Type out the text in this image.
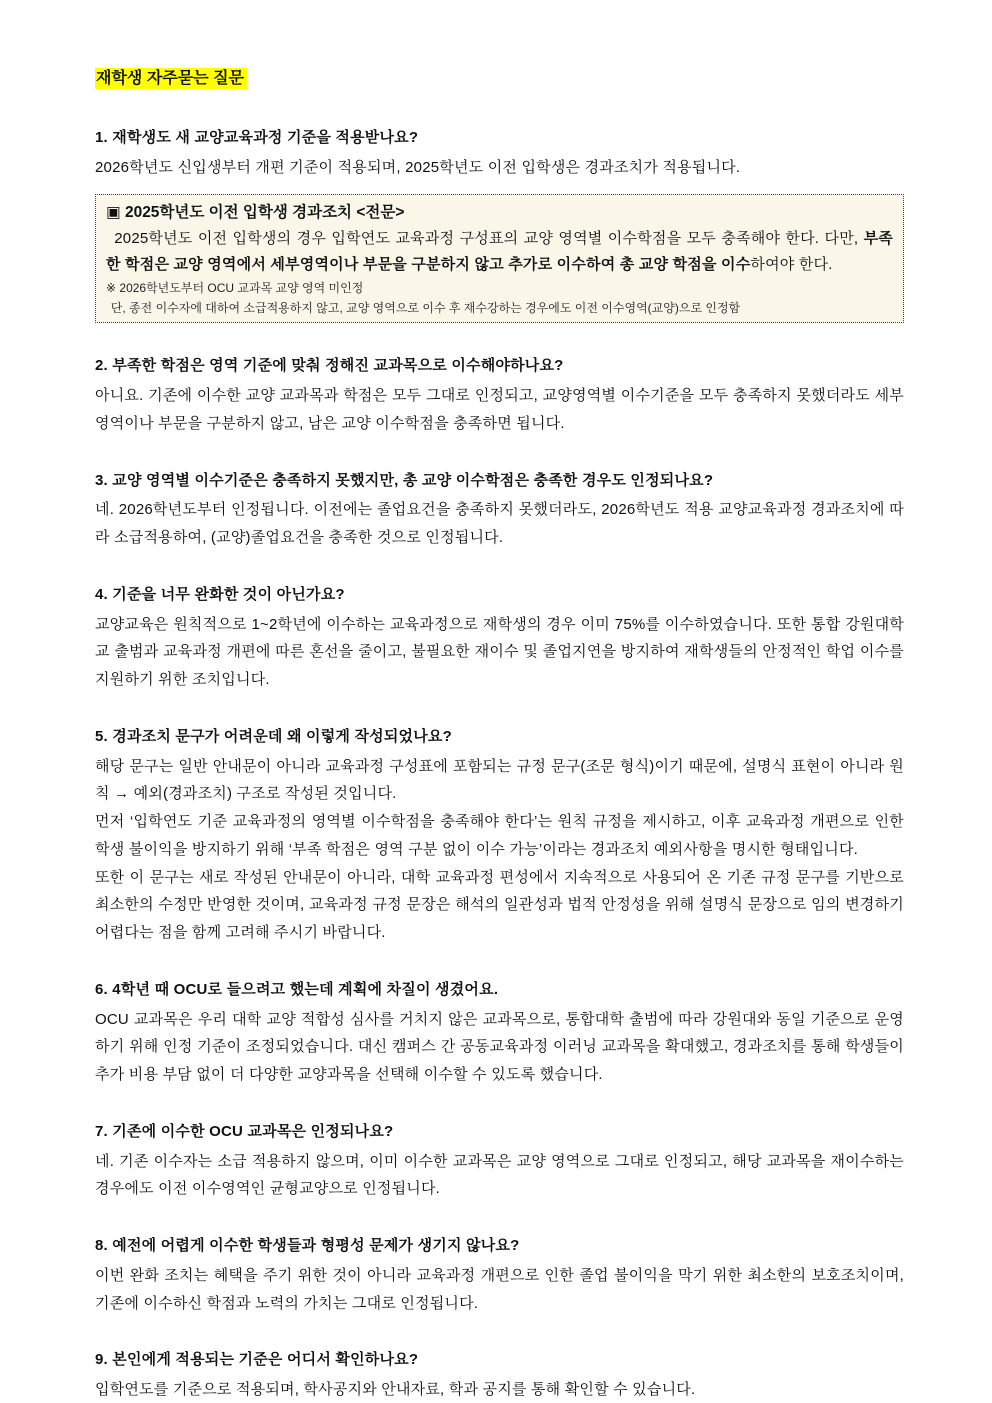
재학생 자주묻는 질문

1. 재학생도 새 교양교육과정 기준을 적용받나요?

2026학년도 신입생부터 개편 기준이 적용되며, 2025학년도 이전 입학생은 경과조치가 적용됩니다.

▣ 2025학년도 이전 입학생 경과조치 <전문>

2025학년도 이전 입학생의 경우 입학연도 교육과정 구성표의 교양 영역별 이수학점을 모두 충족해야 한다. 다만, 부족한 학점은 교양 영역에서 세부영역이나 부문을 구분하지 않고 추가로 이수하여 총 교양 학점을 이수하여야 한다.

※ 2026학년도부터 OCU 교과목 교양 영역 미인정

단, 종전 이수자에 대하여 소급적용하지 않고, 교양 영역으로 이수 후 재수강하는 경우에도 이전 이수영역(교양)으로 인정함

2. 부족한 학점은 영역 기준에 맞춰 정해진 교과목으로 이수해야하나요?

아니요. 기존에 이수한 교양 교과목과 학점은 모두 그대로 인정되고, 교양영역별 이수기준을 모두 충족하지 못했더라도 세부영역이나 부문을 구분하지 않고, 남은 교양 이수학점을 충족하면 됩니다.

3. 교양 영역별 이수기준은 충족하지 못했지만, 총 교양 이수학점은 충족한 경우도 인정되나요?

네. 2026학년도부터 인정됩니다. 이전에는 졸업요건을 충족하지 못했더라도, 2026학년도 적용 교양교육과정 경과조치에 따라 소급적용하여, (교양)졸업요건을 충족한 것으로 인정됩니다.

4. 기준을 너무 완화한 것이 아닌가요?

교양교육은 원칙적으로 1~2학년에 이수하는 교육과정으로 재학생의 경우 이미 75%를 이수하였습니다. 또한 통합 강원대학교 출범과 교육과정 개편에 따른 혼선을 줄이고, 불필요한 재이수 및 졸업지연을 방지하여 재학생들의 안정적인 학업 이수를 지원하기 위한 조치입니다.

5. 경과조치 문구가 어려운데 왜 이렇게 작성되었나요?

해당 문구는 일반 안내문이 아니라 교육과정 구성표에 포함되는 규정 문구(조문 형식)이기 때문에, 설명식 표현이 아니라 원칙 → 예외(경과조치) 구조로 작성된 것입니다.

먼저 ‘입학연도 기준 교육과정의 영역별 이수학점을 충족해야 한다’는 원칙 규정을 제시하고, 이후 교육과정 개편으로 인한 학생 불이익을 방지하기 위해 ‘부족 학점은 영역 구분 없이 이수 가능’이라는 경과조치 예외사항을 명시한 형태입니다.

또한 이 문구는 새로 작성된 안내문이 아니라, 대학 교육과정 편성에서 지속적으로 사용되어 온 기존 규정 문구를 기반으로 최소한의 수정만 반영한 것이며, 교육과정 규정 문장은 해석의 일관성과 법적 안정성을 위해 설명식 문장으로 임의 변경하기 어렵다는 점을 함께 고려해 주시기 바랍니다.

6. 4학년 때 OCU로 들으려고 했는데 계획에 차질이 생겼어요.

OCU 교과목은 우리 대학 교양 적합성 심사를 거치지 않은 교과목으로, 통합대학 출범에 따라 강원대와 동일 기준으로 운영하기 위해 인정 기준이 조정되었습니다. 대신 캠퍼스 간 공동교육과정 이러닝 교과목을 확대했고, 경과조치를 통해 학생들이 추가 비용 부담 없이 더 다양한 교양과목을 선택해 이수할 수 있도록 했습니다.

7. 기존에 이수한 OCU 교과목은 인정되나요?

네. 기존 이수자는 소급 적용하지 않으며, 이미 이수한 교과목은 교양 영역으로 그대로 인정되고, 해당 교과목을 재이수하는 경우에도 이전 이수영역인 균형교양으로 인정됩니다.

8. 예전에 어렵게 이수한 학생들과 형평성 문제가 생기지 않나요?

이번 완화 조치는 혜택을 주기 위한 것이 아니라 교육과정 개편으로 인한 졸업 불이익을 막기 위한 최소한의 보호조치이며, 기존에 이수하신 학점과 노력의 가치는 그대로 인정됩니다.

9. 본인에게 적용되는 기준은 어디서 확인하나요?

입학연도를 기준으로 적용되며, 학사공지와 안내자료, 학과 공지를 통해 확인할 수 있습니다.
